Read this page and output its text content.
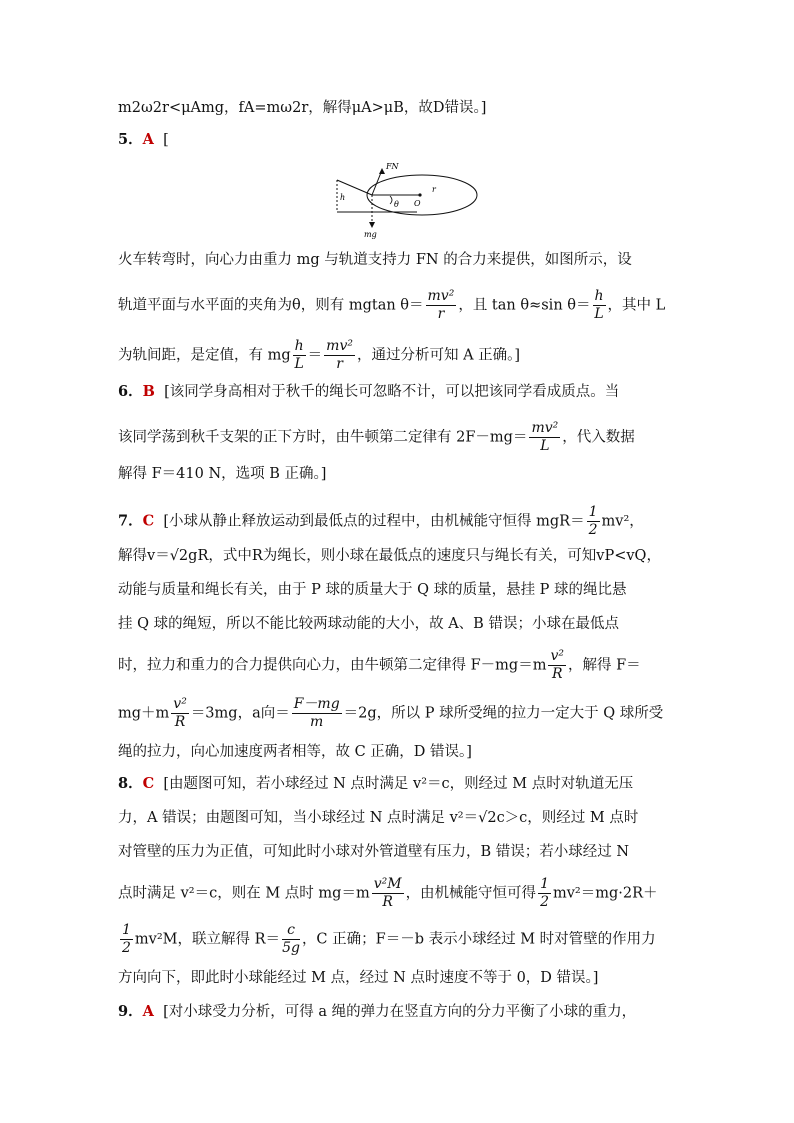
m2ω2r<μAmg，fA=mω2r，解得μA>μB，故D错误。]
5．A [
火车转弯时，向心力由重力 mg 与轨道支持力 FN 的合力来提供，如图所示，设
轨道平面与水平面的夹角为θ，则有 mgtan $\theta= \frac{\text{mv²}}{r}$ ，且 tan θ≈sin $\theta= \frac{h}{L}$ ，其中 L
为轨间距，是定值，有 mg $\frac{h}{L} = \frac{\text{mv²}}{r}$ ，通过分析可知 A 正确。]
6．B [该同学身高相对于秋千的绳长可忽略不计，可以把该同学看成质点。当
该同学荡到秋千支架的正下方时，由牛顿第二定律有 $2F-mg= \frac{\text{mv²}}{L}$ ，代入数据
解得 F＝410 N，选项 B 正确。]
7．C [小球从静止释放运动到最低点的过程中，由机械能守恒得 $mgR= \frac{1}{2} mv^2$，
解得v＝√2gR，式中R为绳长，则小球在最低点的速度只与绳长有关，可知vP<vQ，
动能与质量和绳长有关，由于 P 球的质量大于 Q 球的质量，悬挂 P 球的绳比悬
挂 Q 球的绳短，所以不能比较两球动能的大小，故 A、B 错误；小球在最低点
时，拉力和重力的合力提供向心力，由牛顿第二定律得 $F-mg=m \frac{\text{v²}}{R}$ ，解得 F＝
$mg+m \frac{\text{v²}}{R} =3mg$，a向＝ $\frac{F-mg}{m} =2g$，所以 P 球所受绳的拉力一定大于 Q 球所受
绳的拉力，向心加速度两者相等，故 C 正确，D 错误。]
8．C [由题图可知，若小球经过 N 点时满足 v²＝c，则经过 M 点时对轨道无压
力，A 错误；由题图可知，当小球经过 N 点时满足 v²＝√2c＞c，则经过 M 点时
对管壁的压力为正值，可知此时小球对外管道壁有压力，B 错误；若小球经过 N
点时满足 v²＝c，则在 M 点时 $mg=m \frac{\text{v²M}}{R}$ ，由机械能守恒可得 $\frac{1}{2} mv^2=mg\cdot 2R+$
$\frac{1}{2} mv^2M$，联立解得 $R= \frac{c}{5g}$ ，C 正确；F＝－b 表示小球经过 M 时对管壁的作用力
方向向下，即此时小球能经过 M 点，经过 N 点时速度不等于 0，D 错误。]
9．A [对小球受力分析，可得 a 绳的弹力在竖直方向的分力平衡了小球的重力，
FN
r
O
h
θ
mg
